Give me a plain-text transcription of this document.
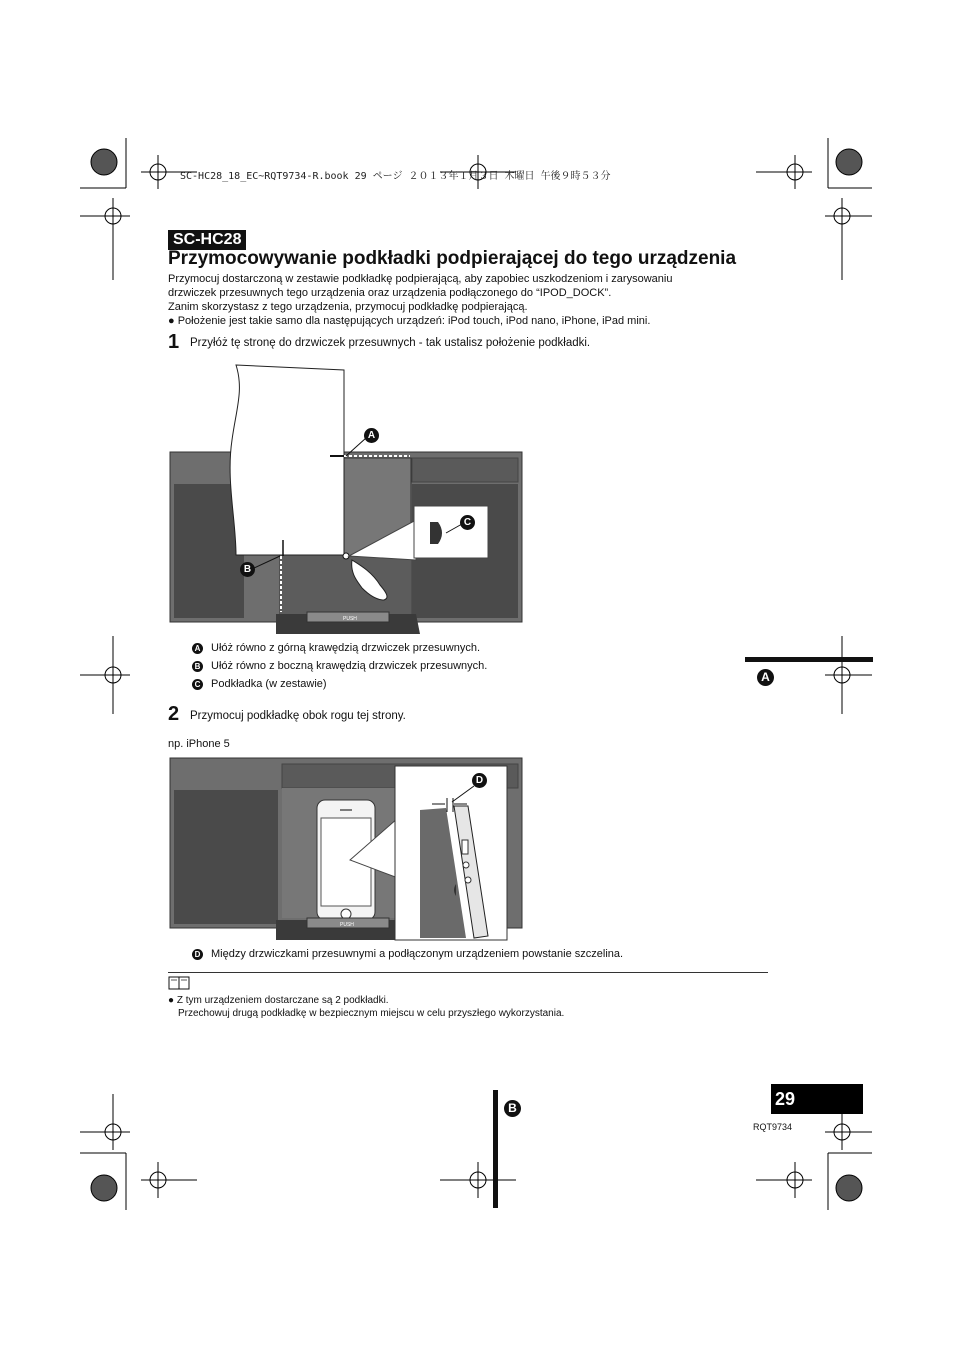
SC-HC28_18_EC~RQT9734-R.book 29 ページ ２０１３年１月３日 木曜日 午後９時５３分
SC-HC28
Przymocowywanie podkładki podpierającej do tego urządzenia

Przymocuj dostarczoną w zestawie podkładkę podpierającą, aby zapobiec uszkodzeniom i zarysowaniu

drzwiczek przesuwnych tego urządzenia oraz urządzenia podłączonego do “IPOD_DOCK”.

Zanim skorzystasz z tego urządzenia, przymocuj podkładkę podpierającą.

● Położenie jest takie samo dla następujących urządzeń: iPod touch, iPod nano, iPhone, iPad mini.

1 Przyłóż tę stronę do drzwiczek przesuwnych - tak ustalisz położenie podkładki.
PUSH
A
B
C
A Ułóż równo z górną krawędzią drzwiczek przesuwnych.
B Ułóż równo z boczną krawędzią drzwiczek przesuwnych.
C Podkładka (w zestawie)
2 Przymocuj podkładkę obok rogu tej strony.
np. iPhone 5
PUSH
D
D Między drzwiczkami przesuwnymi a podłączonym urządzeniem powstanie szczelina.
● Z tym urządzeniem dostarczane są 2 podkładki.
Przechowuj drugą podkładkę w bezpiecznym miejscu w celu przyszłego wykorzystania.
A
B	29
RQT9734
